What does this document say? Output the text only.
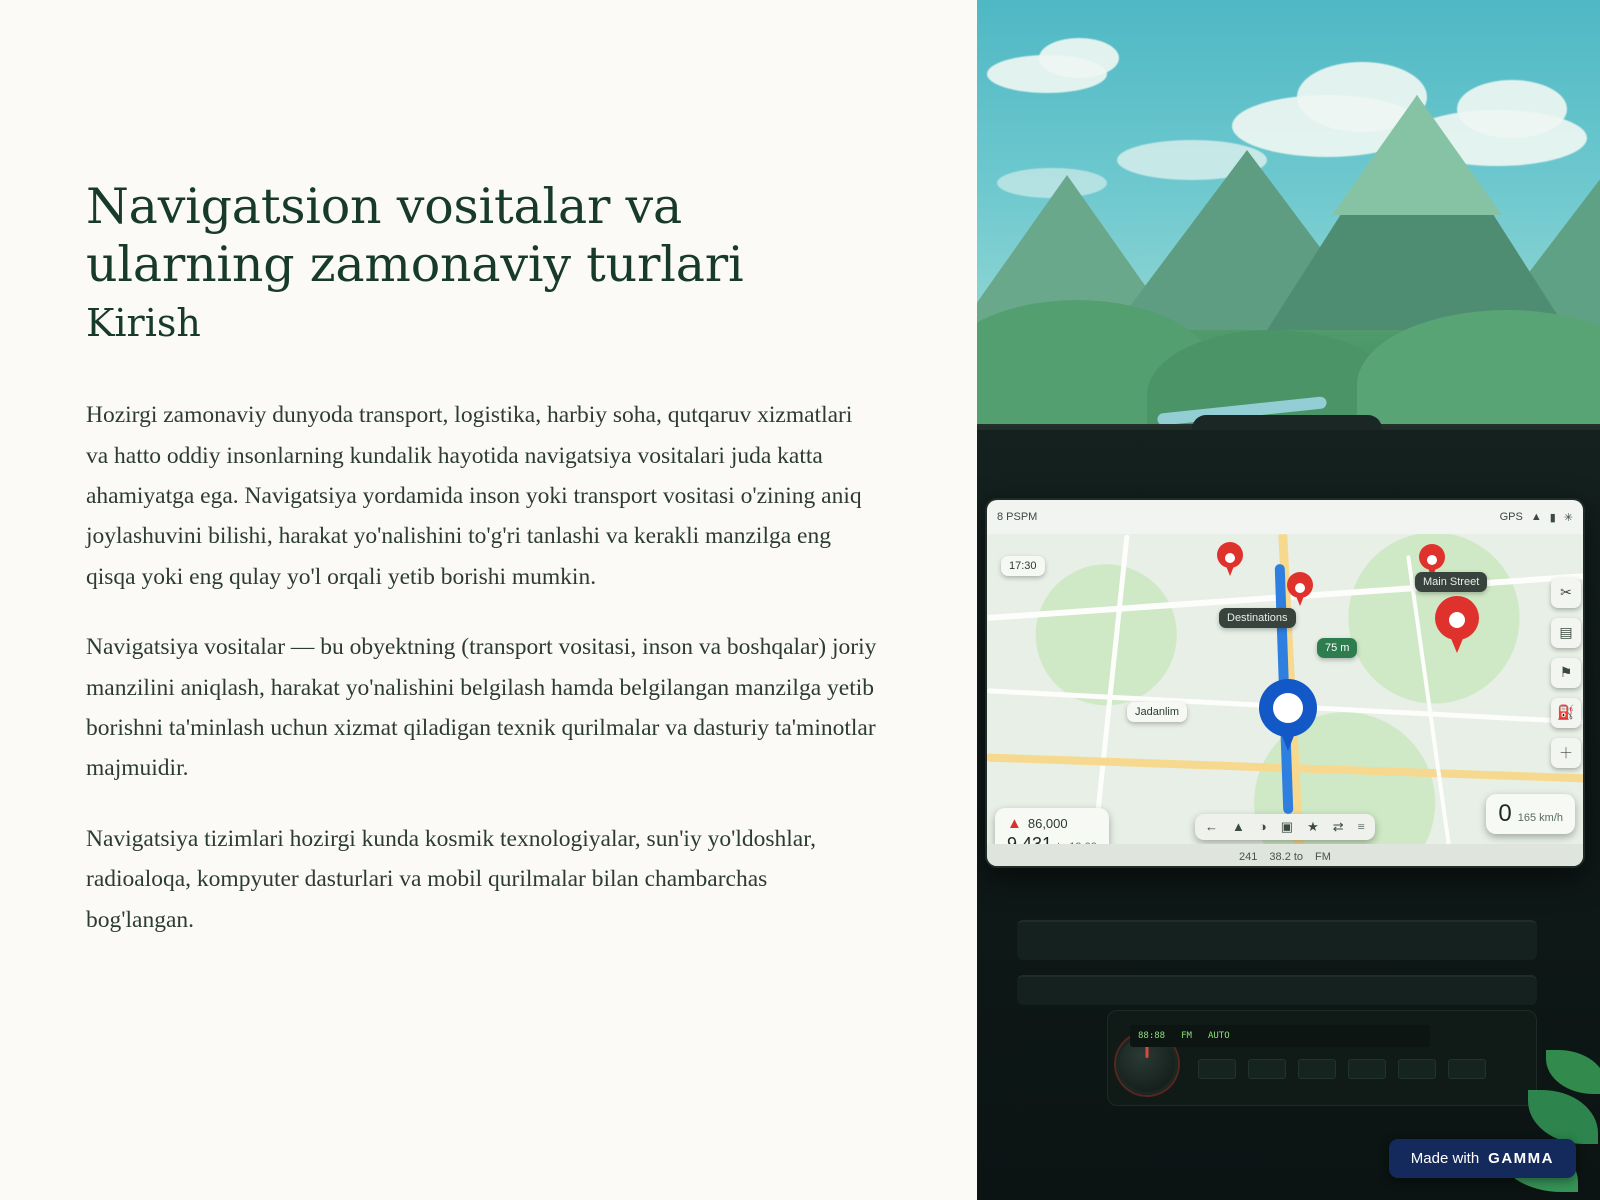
Navigatsion vositalar va ularning zamonaviy turlari
Kirish

Hozirgi zamonaviy dunyoda transport, logistika, harbiy soha, qutqaruv xizmatlari va hatto oddiy insonlarning kundalik hayotida navigatsiya vositalari juda katta ahamiyatga ega. Navigatsiya yordamida inson yoki transport vositasi o'zining aniq joylashuvini bilishi, harakat yo'nalishini to'g'ri tanlashi va kerakli manzilga eng qisqa yoki eng qulay yo'l orqali yetib borishi mumkin.

Navigatsiya vositalar — bu obyektning (transport vositasi, inson va boshqalar) joriy manzilini aniqlash, harakat yo'nalishini belgilash hamda belgilangan manzilga yetib borishni ta'minlash uchun xizmat qiladigan texnik qurilmalar va dasturiy ta'minotlar majmuidir.

Navigatsiya tizimlari hozirgi kunda kosmik texnologiyalar, sun'iy yo'ldoshlar, radioaloqa, kompyuter dasturlari va mobil qurilmalar bilan chambarchas bog'langan.

8 PSPM	GPS ▲ ▮ ✳
17:30
Destinations
Main Street
75 m
Jadanlim
▲ 86,000	0 165 km/h
← ▲ ◑ ▣ ★ ⇄ ≡
241 38.2 to FM
✂
▤
⚑
⛽
＋
88:88 FM AUTO
Made with GAMMA
